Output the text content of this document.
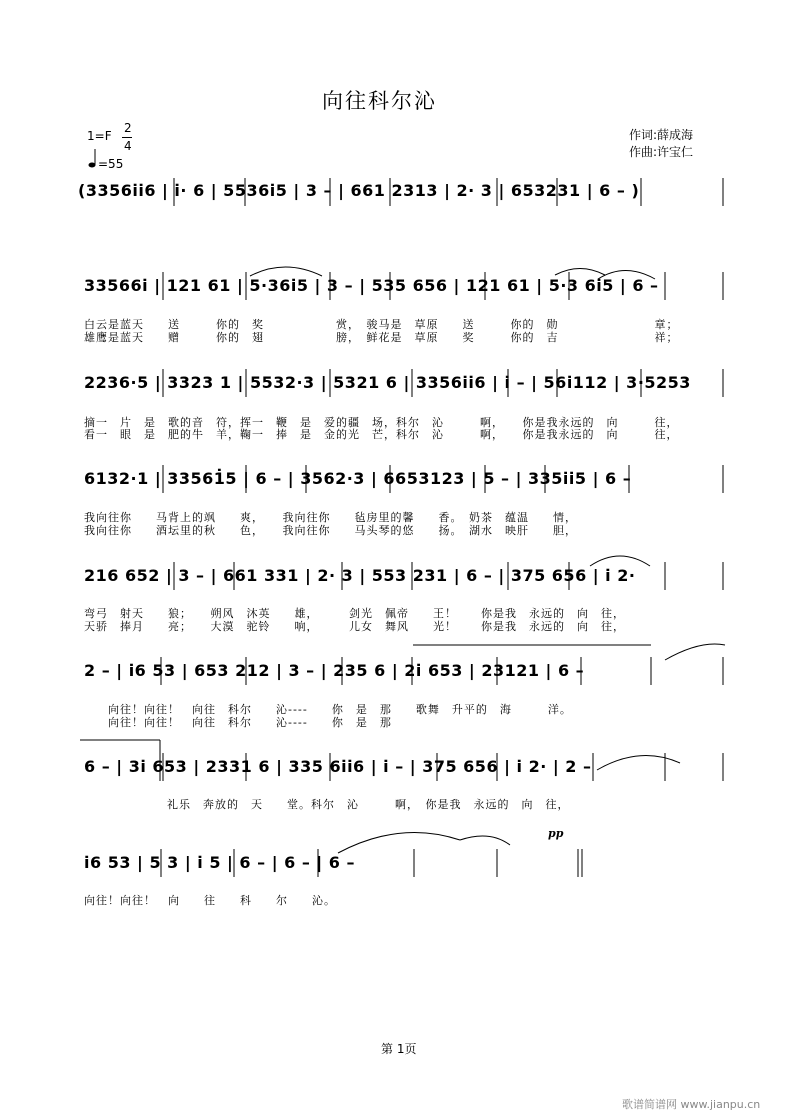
向往科尔沁
1=F
2
4
=55
作词:薛成海
作曲:许宝仁
(3356i̇i̇6 | i̇· 6 | 5536i̇5 | 3 – | 661 2313 | 2· 3 | 653231 | 6 – )
33566i̇ | 121 61 | 5·36i̇5 | 3 – | 535 656 | 121 61 | 5·3 6i̇5 | 6 –
白云是蓝天　　送　　　你的　奖　　　　　　赏，　骏马是　草原　　送　　　你的　勋　　　　　　　　章；
雄鹰是蓝天　　赠　　　你的　翅　　　　　　膀，　鲜花是　草原　　奖　　　你的　吉　　　　　　　　祥；
2236·5 | 3323 1 | 5532·3 | 5321 6 | 3356i̇i̇6 | i̇ – | 56i̇112 | 3·5253
摘一　片　是　歌的音　符，挥一　鞭　是　爱的疆　场，科尔　沁　　　啊，　　你是我永远的　向　　　往，
看一　眼　是　肥的牛　羊，鞠一　捧　是　金的光　芒，科尔　沁　　　啊，　　你是我永远的　向　　　往，
6132·1 | 33561̇5 | 6 – | 3562·3 | 6653123 | 5 – | 335i̇i̇5 | 6 –
我向往你　　马背上的飒　　爽，　　我向往你　　毡房里的馨　　香。　奶茶　蕴温　　情，
我向往你　　酒坛里的秋　　色，　　我向往你　　马头琴的悠　　扬。　湖水　映肝　　胆，
216 652 | 3 – | 661 331 | 2· 3 | 553 231 | 6 – | 375 656 | i̇ 2·
弯弓　射天　　狼；　　朔风　沐英　　雄，　　　剑光　佩帝　　王！　　你是我　永远的　向　往，
天骄　捧月　　亮；　　大漠　驼铃　　响，　　　儿女　舞风　　光！　　你是我　永远的　向　往，
2 – | i̇6 53 | 653 212 | 3 – | 235 6 | 2i̇ 653 | 23121 | 6 –
　　向往！向往！　向往　科尔　　沁----　　你　是　那　　歌舞　升平的　海　　　洋。
　　向往！向往！　向往　科尔　　沁----　　你　是　那
6 – | 3i̇ 653 | 2331 6 | 335 6i̇i̇6 | i̇ – | 375 656 | i̇ 2· | 2 –
礼乐　奔放的　天　　堂。科尔　沁　　　啊，　你是我　永远的　向　往，
pp
i̇6 53 | 5 3 | i̇ 5 | 6 – | 6 – | 6 –
向往！向往！　向　　往　　科　　尔　　沁。
第 1页
歌谱简谱网 www.jianpu.cn
